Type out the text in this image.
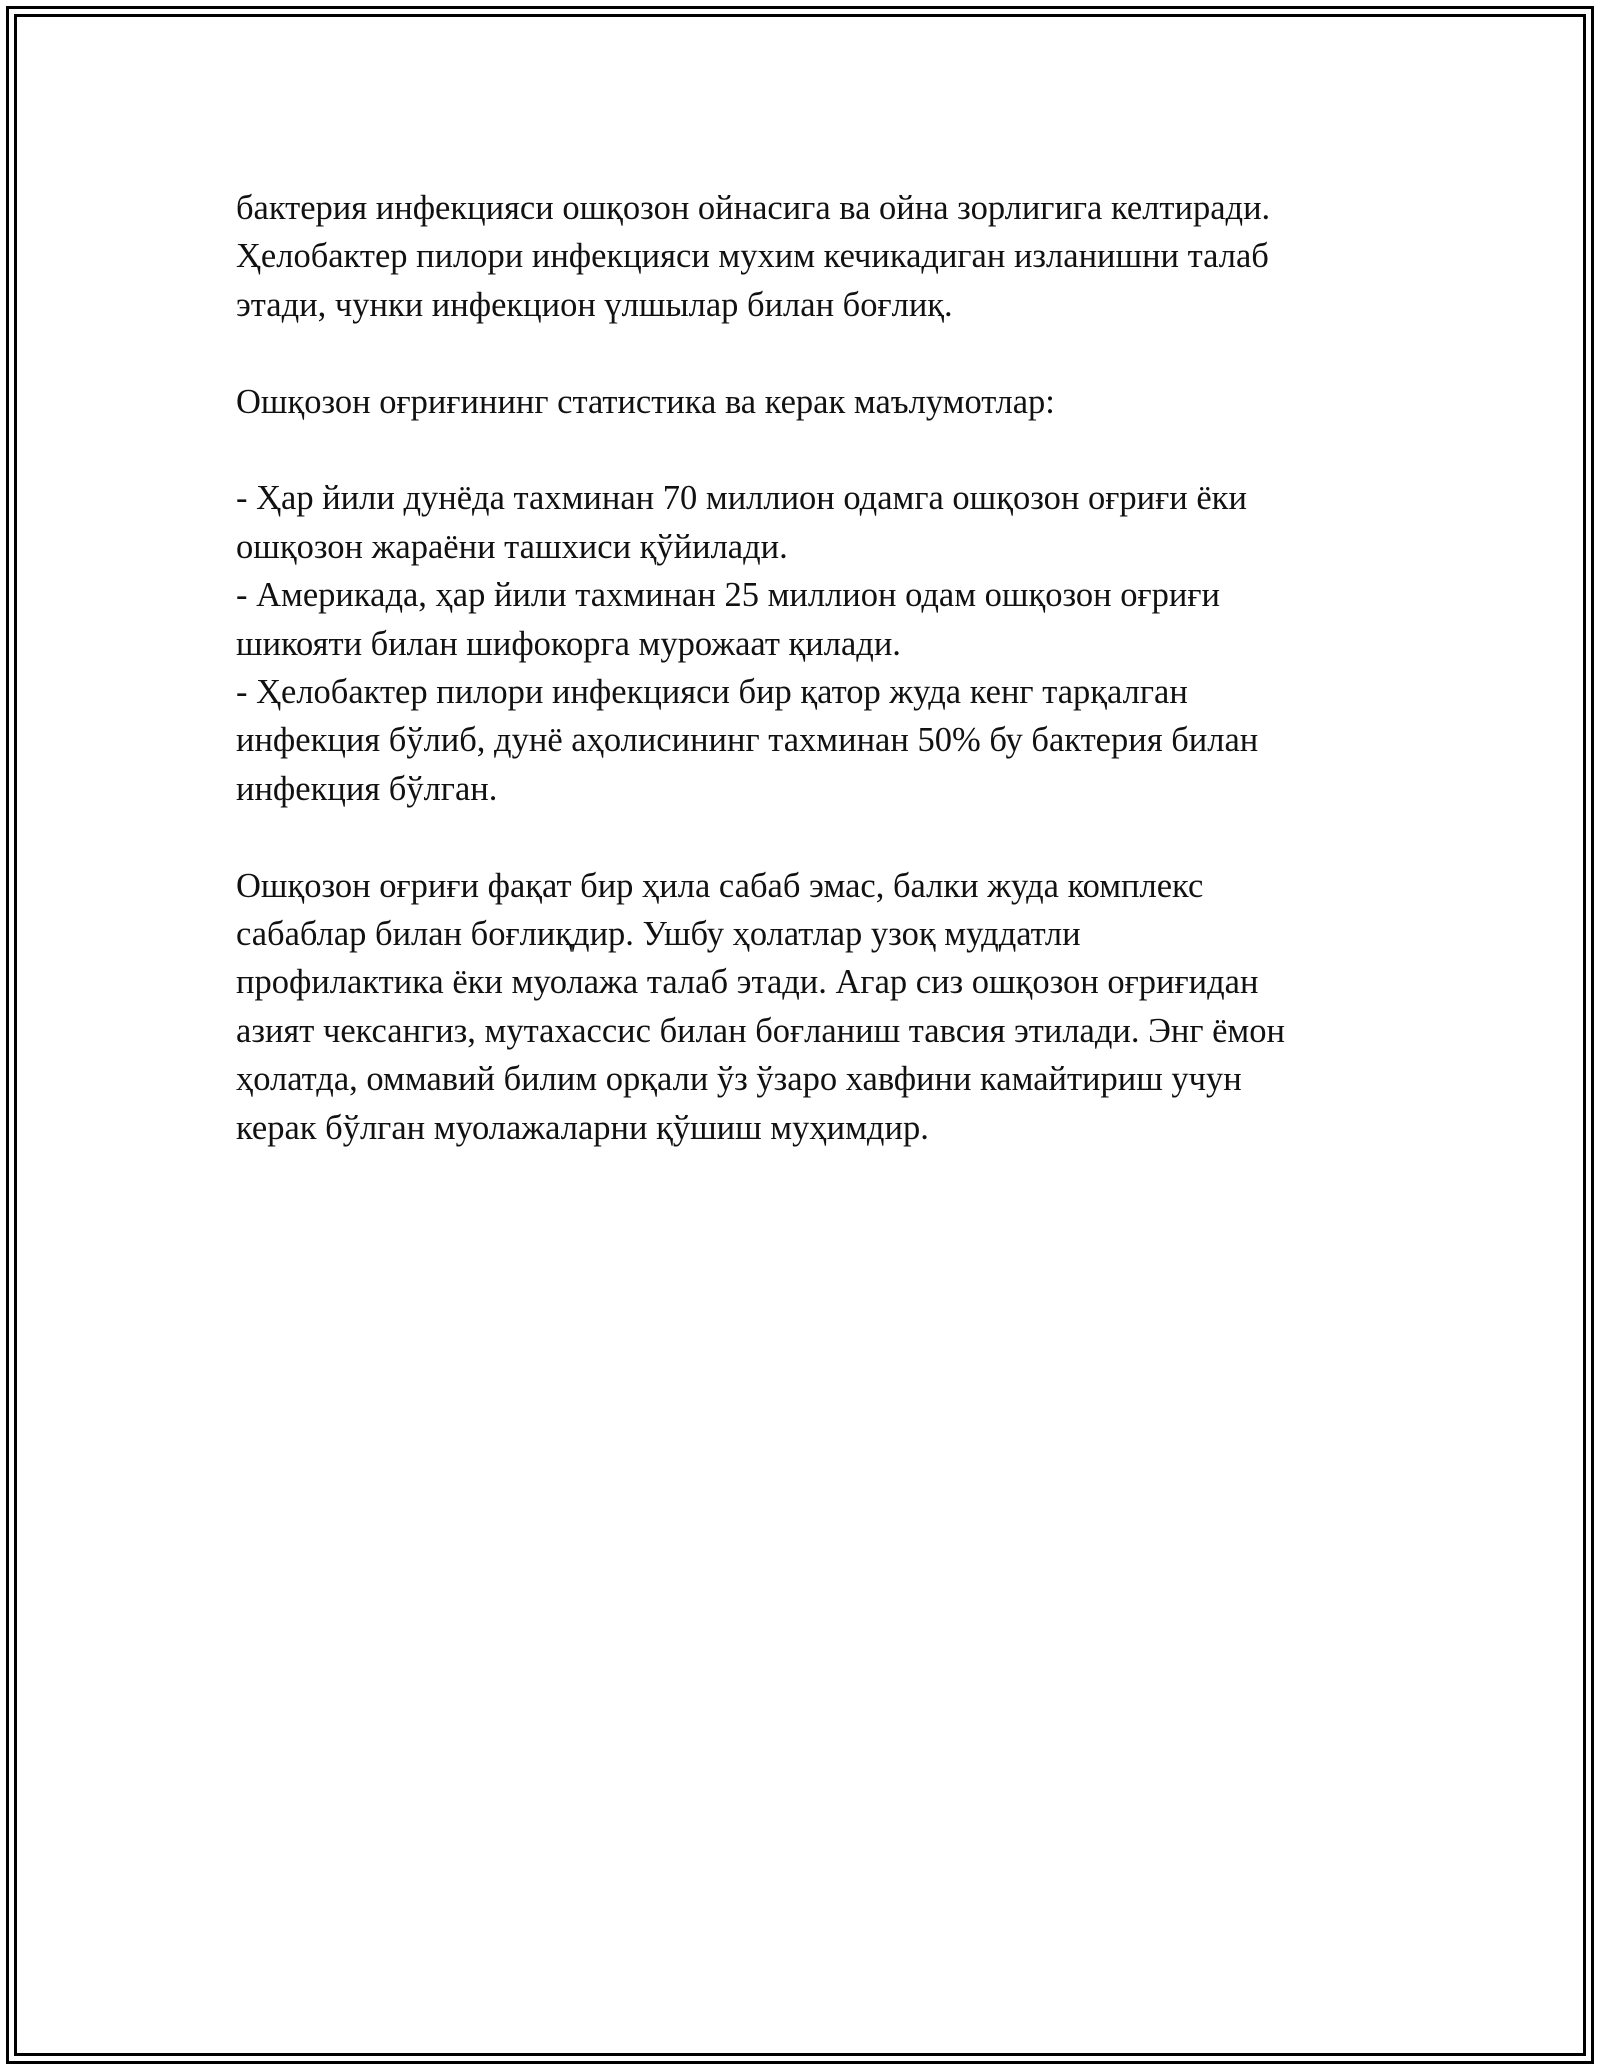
бактерия инфекцияси ошқозон ойнасига ва ойна зорлигига келтиради.
Ҳелобактер пилори инфекцияси мухим кечикадиган изланишни талаб
этади, чунки инфекцион үлшылар билан боғлиқ.

Ошқозон оғриғининг статистика ва керак маълумотлар:

- Ҳар йили дунёда тахминан 70 миллион одамга ошқозон оғриғи ёки
ошқозон жараёни ташхиси қўйилади.

- Америкада, ҳар йили тахминан 25 миллион одам ошқозон оғриғи
шикояти билан шифокорга мурожаат қилади.

- Ҳелобактер пилори инфекцияси бир қатор жуда кенг тарқалган
инфекция бўлиб, дунё аҳолисининг тахминан 50% бу бактерия билан
инфекция бўлган.

Ошқозон оғриғи фақат бир ҳила сабаб эмас, балки жуда комплекс
сабаблар билан боғлиқдир. Ушбу ҳолатлар узоқ муддатли
профилактика ёки муолажа талаб этади. Агар сиз ошқозон оғриғидан
азият чексангиз, мутахассис билан боғланиш тавсия этилади. Энг ёмон
ҳолатда, оммавий билим орқали ўз ўзаро хавфини камайтириш учун
керак бўлган муолажаларни қўшиш муҳимдир.
